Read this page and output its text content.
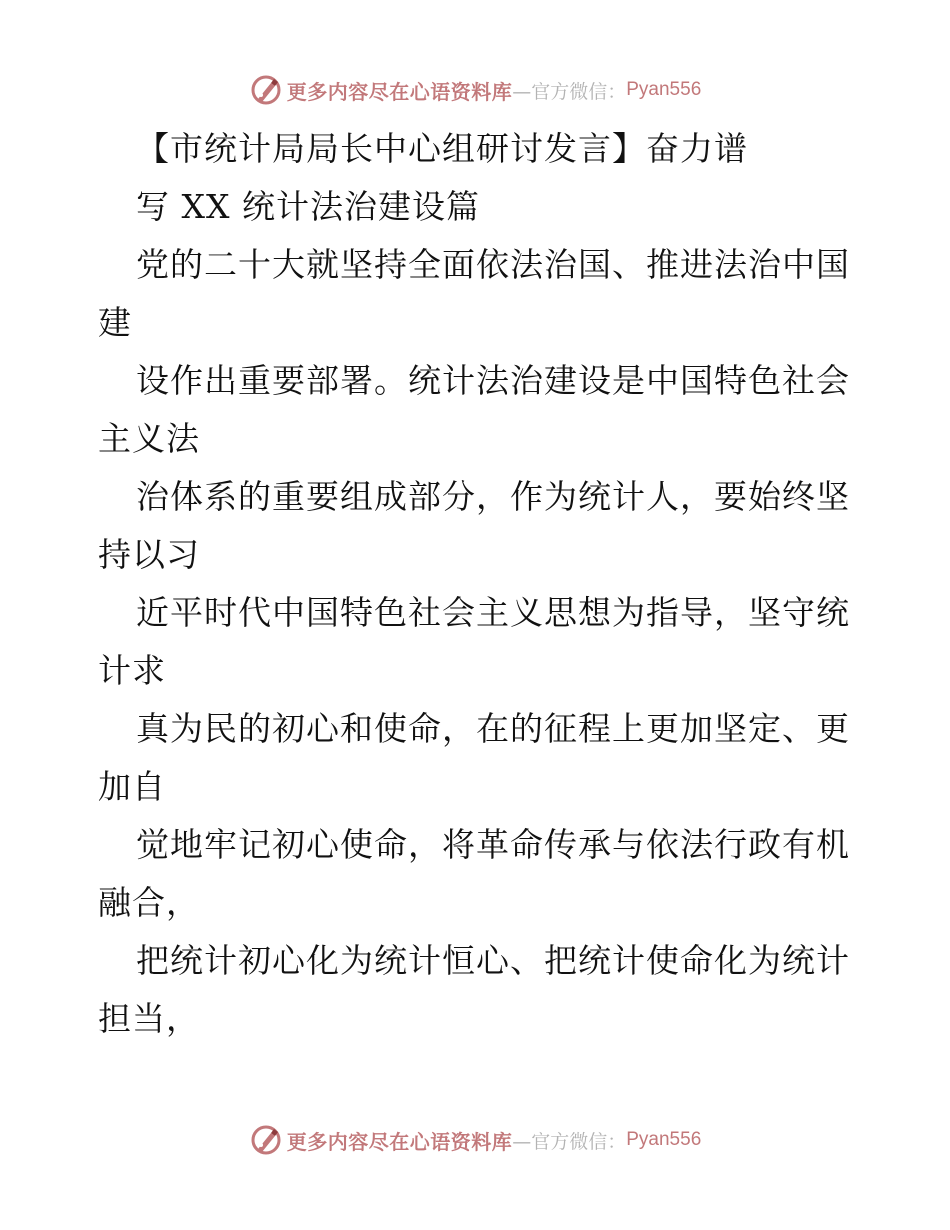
更多内容尽在心语资料库 —官方微信： Pyan556
【市统计局局长中心组研讨发言】奋力谱
写 XX 统计法治建设篇
党的二十大就坚持全面依法治国、推进法治中国
建
设作出重要部署。统计法治建设是中国特色社会
主义法
治体系的重要组成部分，作为统计人，要始终坚
持以习
近平时代中国特色社会主义思想为指导，坚守统
计求
真为民的初心和使命，在的征程上更加坚定、更
加自
觉地牢记初心使命，将革命传承与依法行政有机
融合，
把统计初心化为统计恒心、把统计使命化为统计
担当，
更多内容尽在心语资料库 —官方微信： Pyan556
